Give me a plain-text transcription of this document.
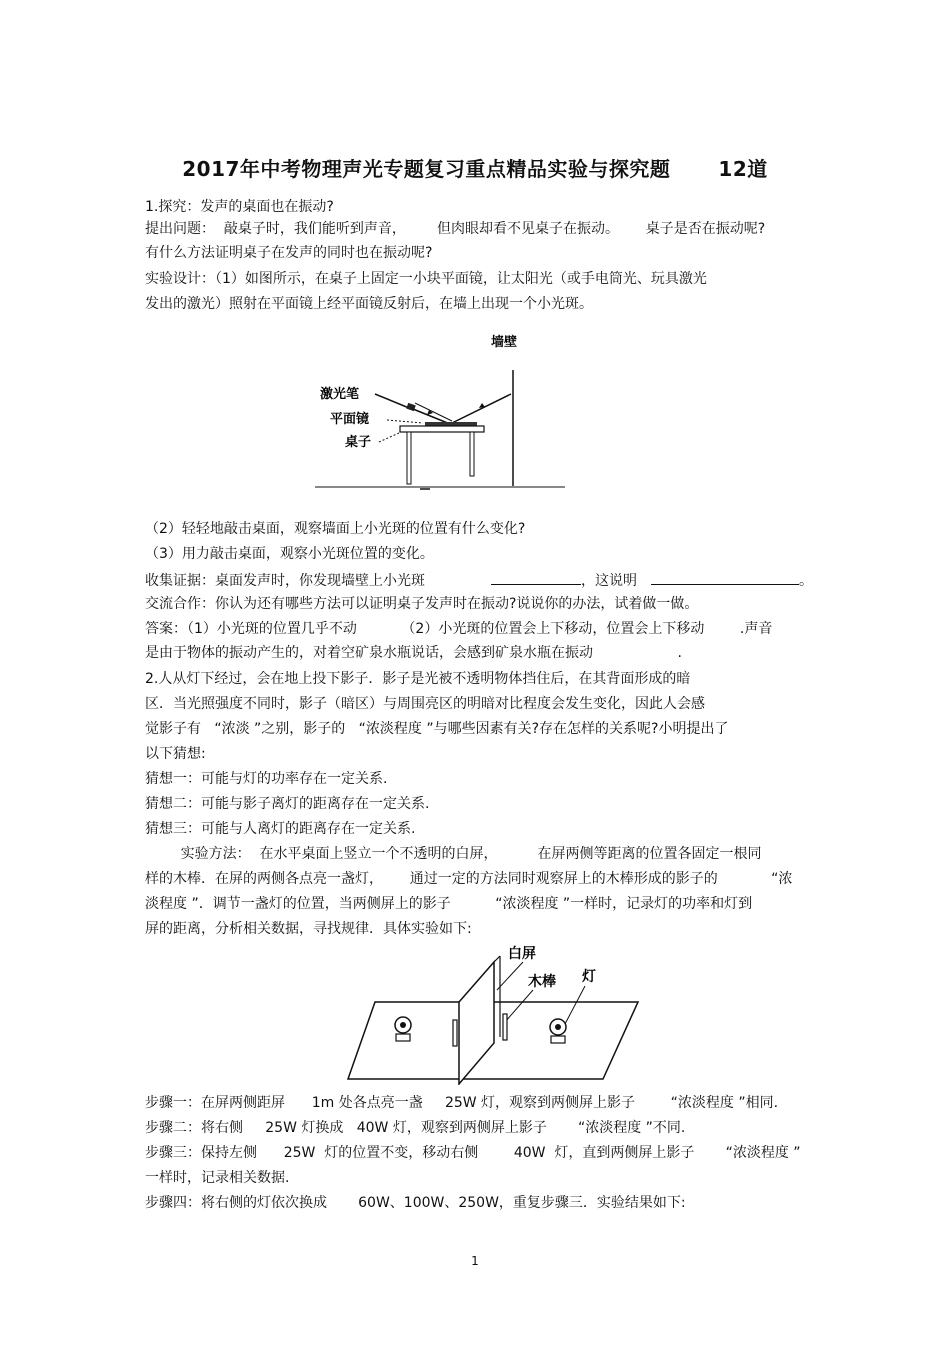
2017年中考物理声光专题复习重点精品实验与探究题 12道
1.探究：发声的桌面也在振动?
提出问题：  敲桌子时，我们能听到声音，       但肉眼却看不见桌子在振动。      桌子是否在振动呢?
有什么方法证明桌子在发声的同时也在振动呢?
实验设计：（1）如图所示，在桌子上固定一小块平面镜，让太阳光（或手电筒光、玩具激光
发出的激光）照射在平面镜上经平面镜反射后，在墙上出现一个小光斑。
墙壁
激光笔
平面镜
桌子
（2）轻轻地敲击桌面，观察墙面上小光斑的位置有什么变化?
（3）用力敲击桌面，观察小光斑位置的变化。
收集证据：桌面发声时，你发现墙壁上小光斑	，这说明	。
交流合作：你认为还有哪些方法可以证明桌子发声时在振动?说说你的办法，试着做一做。
答案：（1）小光斑的位置几乎不动          （2）小光斑的位置会上下移动，位置会上下移动        .声音
是由于物体的振动产生的，对着空矿泉水瓶说话，会感到矿泉水瓶在振动                   .
2.人从灯下经过，会在地上投下影子．影子是光被不透明物体挡住后，在其背面形成的暗
区．当光照强度不同时，影子（暗区）与周围亮区的明暗对比程度会发生变化，因此人会感
觉影子有   “浓淡 ”之别，影子的   “浓淡程度 ”与哪些因素有关?存在怎样的关系呢?小明提出了
以下猜想:
猜想一：可能与灯的功率存在一定关系.
猜想二：可能与影子离灯的距离存在一定关系.
猜想三：可能与人离灯的距离存在一定关系.
实验方法：  在水平桌面上竖立一个不透明的白屏，         在屏两侧等距离的位置各固定一根同
样的木棒．在屏的两侧各点亮一盏灯，      通过一定的方法同时观察屏上的木棒形成的影子的            “浓
淡程度 ”．调节一盏灯的位置，当两侧屏上的影子          “浓淡程度 ”一样时，记录灯的功率和灯到
屏的距离，分析相关数据，寻找规律．具体实验如下:
白屏
木棒 灯
步骤一：在屏两侧距屏      1m 处各点亮一盏     25W 灯，观察到两侧屏上影子        “浓淡程度 ”相同.
步骤二：将右侧     25W 灯换成   40W 灯，观察到两侧屏上影子       “浓淡程度 ”不同.
步骤三：保持左侧      25W  灯的位置不变，移动右侧        40W  灯，直到两侧屏上影子       “浓淡程度 ”
一样时，记录相关数据.
步骤四：将右侧的灯依次换成       60W、100W、250W，重复步骤三．实验结果如下:
1
